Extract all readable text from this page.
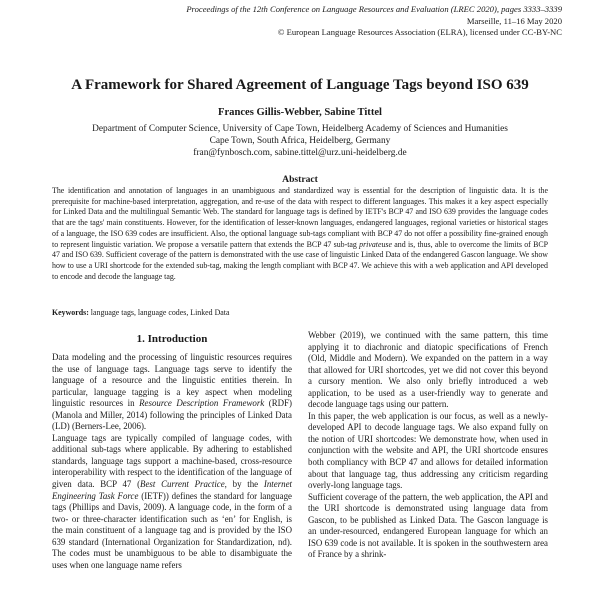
Proceedings of the 12th Conference on Language Resources and Evaluation (LREC 2020), pages 3333–3339
Marseille, 11–16 May 2020
© European Language Resources Association (ELRA), licensed under CC-BY-NC
A Framework for Shared Agreement of Language Tags beyond ISO 639
Frances Gillis-Webber, Sabine Tittel
Department of Computer Science, University of Cape Town, Heidelberg Academy of Sciences and Humanities
Cape Town, South Africa, Heidelberg, Germany
fran@fynbosch.com, sabine.tittel@urz.uni-heidelberg.de
Abstract
The identification and annotation of languages in an unambiguous and standardized way is essential for the description of linguistic data. It is the prerequisite for machine-based interpretation, aggregation, and re-use of the data with respect to different languages. This makes it a key aspect especially for Linked Data and the multilingual Semantic Web. The standard for language tags is defined by IETF's BCP 47 and ISO 639 provides the language codes that are the tags' main constituents. However, for the identification of lesser-known languages, endangered languages, regional varieties or historical stages of a language, the ISO 639 codes are insufficient. Also, the optional language sub-tags compliant with BCP 47 do not offer a possibility fine-grained enough to represent linguistic variation. We propose a versatile pattern that extends the BCP 47 sub-tag privateuse and is, thus, able to overcome the limits of BCP 47 and ISO 639. Sufficient coverage of the pattern is demonstrated with the use case of linguistic Linked Data of the endangered Gascon language. We show how to use a URI shortcode for the extended sub-tag, making the length compliant with BCP 47. We achieve this with a web application and API developed to encode and decode the language tag.
Keywords: language tags, language codes, Linked Data
1. Introduction

Data modeling and the processing of linguistic resources requires the use of language tags. Language tags serve to identify the language of a resource and the linguistic entities therein. In particular, language tagging is a key aspect when modeling linguistic resources in Resource Description Framework (RDF) (Manola and Miller, 2014) following the principles of Linked Data (LD) (Berners-Lee, 2006).

Language tags are typically compiled of language codes, with additional sub-tags where applicable. By adhering to established standards, language tags support a machine-based, cross-resource interoperability with respect to the identification of the language of given data. BCP 47 (Best Current Practice, by the Internet Engineering Task Force (IETF)) defines the standard for language tags (Phillips and Davis, 2009). A language code, in the form of a two- or three-character identification such as ‘en’ for English, is the main constituent of a language tag and is provided by the ISO 639 standard (International Organization for Standardization, nd). The codes must be unambiguous to be able to disambiguate the uses when one language name refers

Webber (2019), we continued with the same pattern, this time applying it to diachronic and diatopic specifications of French (Old, Middle and Modern). We expanded on the pattern in a way that allowed for URI shortcodes, yet we did not cover this beyond a cursory mention. We also only briefly introduced a web application, to be used as a user-friendly way to generate and decode language tags using our pattern.

In this paper, the web application is our focus, as well as a newly-developed API to decode language tags. We also expand fully on the notion of URI shortcodes: We demonstrate how, when used in conjunction with the website and API, the URI shortcode ensures both compliancy with BCP 47 and allows for detailed information about that language tag, thus addressing any criticism regarding overly-long language tags.

Sufficient coverage of the pattern, the web application, the API and the URI shortcode is demonstrated using language data from Gascon, to be published as Linked Data. The Gascon language is an under-resourced, endangered European language for which an ISO 639 code is not available. It is spoken in the southwestern area of France by a shrink-
